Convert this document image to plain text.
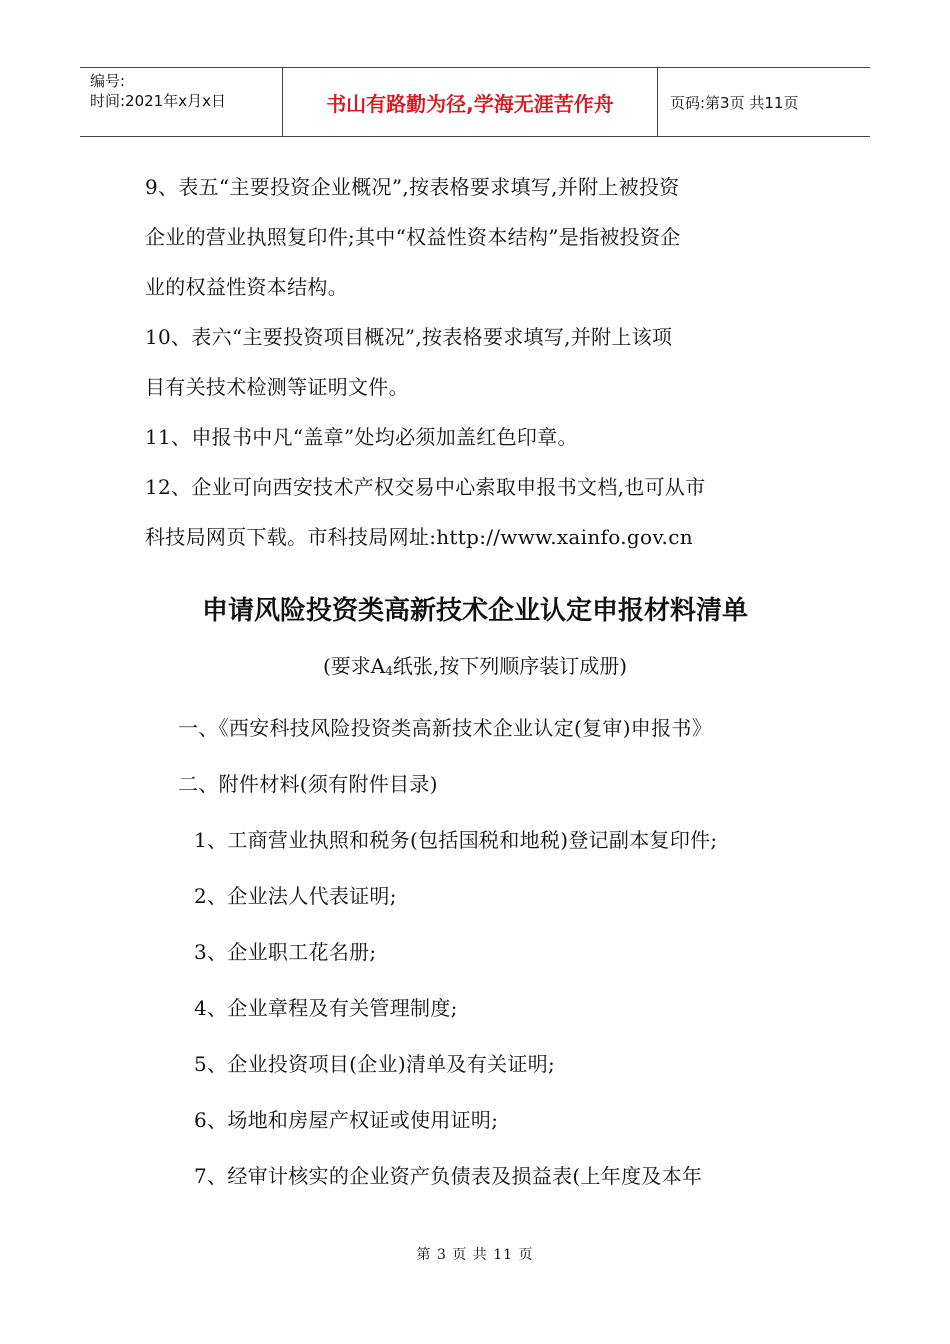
编号:
时间:2021年x月x日	书山有路勤为径,学海无涯苦作舟	页码:第3页 共11页

9、表五“主要投资企业概况”,按表格要求填写,并附上被投资

企业的营业执照复印件;其中“权益性资本结构”是指被投资企

业的权益性资本结构。

10、表六“主要投资项目概况”,按表格要求填写,并附上该项

目有关技术检测等证明文件。

11、申报书中凡“盖章”处均必须加盖红色印章。

12、企业可向西安技术产权交易中心索取申报书文档,也可从市

科技局网页下载。市科技局网址:http://www.xainfo.gov.cn

申请风险投资类高新技术企业认定申报材料清单
(要求$A_4$纸张,按下列顺序装订成册)

一、《西安科技风险投资类高新技术企业认定(复审)申报书》

二、附件材料(须有附件目录)

1、工商营业执照和税务(包括国税和地税)登记副本复印件;

2、企业法人代表证明;

3、企业职工花名册;

4、企业章程及有关管理制度;

5、企业投资项目(企业)清单及有关证明;

6、场地和房屋产权证或使用证明;

7、经审计核实的企业资产负债表及损益表(上年度及本年

第 3 页 共 11 页
